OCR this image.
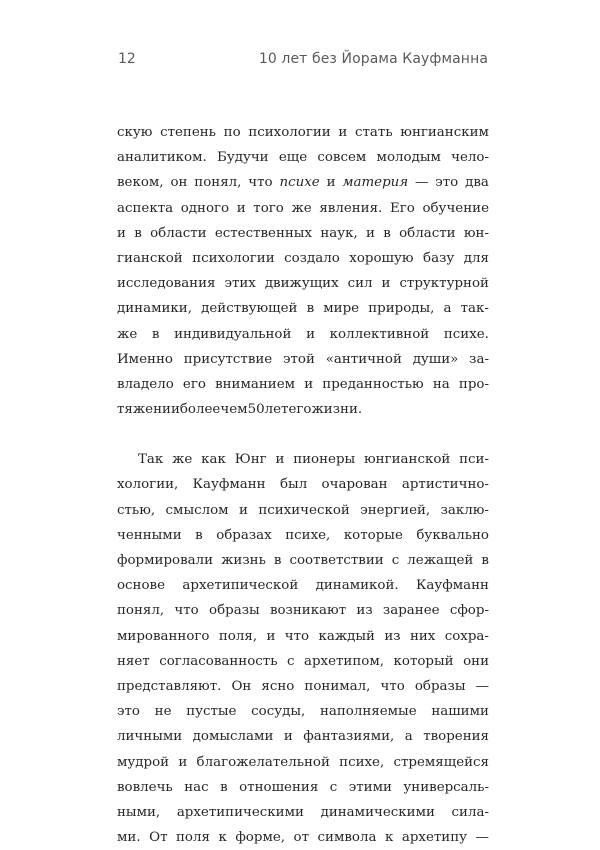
12	10 лет без Йорама Кауфманна
скую степень по психологии и стать юнгианским
аналитиком. Будучи еще совсем молодым чело-
веком, он понял, что психе и материя — это два
аспекта одного и того же явления. Его обучение
и в области естественных наук, и в области юн-
гианской психологии создало хорошую базу для
исследования этих движущих сил и структурной
динамики, действующей в мире природы, а так-
же в индивидуальной и коллективной психе.
Именно присутствие этой «античной души» за-
владело его вниманием и преданностью на про-
тяжении более чем 50 лет его жизни.
Так же как Юнг и пионеры юнгианской пси-
хологии, Кауфманн был очарован артистично-
стью, смыслом и психической энергией, заклю-
ченными в образах психе, которые буквально
формировали жизнь в соответствии с лежащей в
основе архетипической динамикой. Кауфманн
понял, что образы возникают из заранее сфор-
мированного поля, и что каждый из них сохра-
няет согласованность с архетипом, который они
представляют. Он ясно понимал, что образы —
это не пустые сосуды, наполняемые нашими
личными домыслами и фантазиями, а творения
мудрой и благожелательной психе, стремящейся
вовлечь нас в отношения с этими универсаль-
ными, архетипическими динамическими сила-
ми. От поля к форме, от символа к архетипу —
